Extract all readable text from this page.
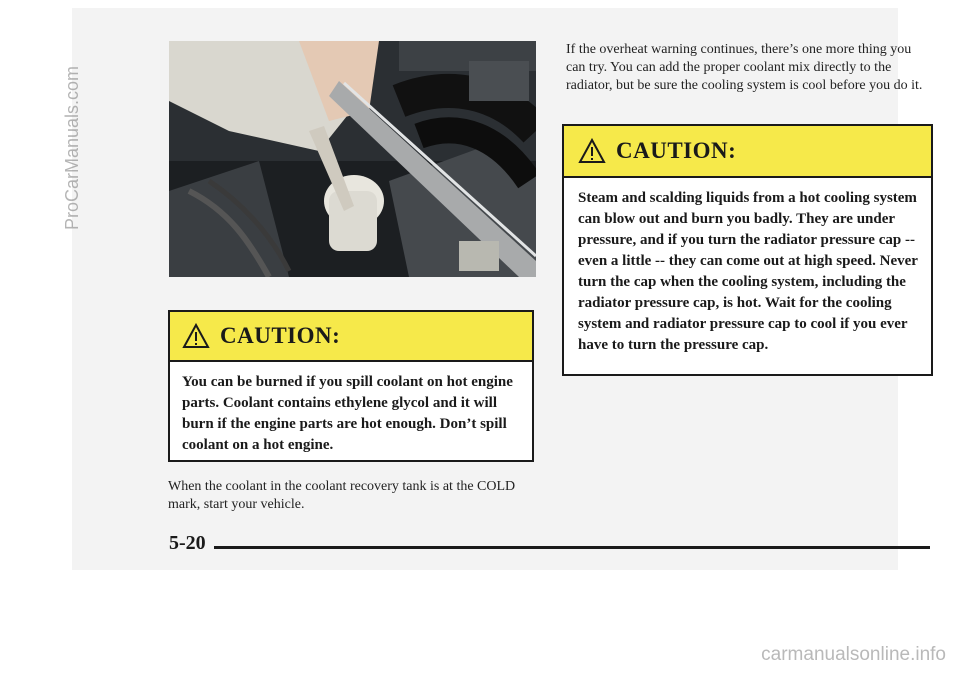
CAUTION:

You can be burned if you spill coolant on hot engine parts. Coolant contains ethylene glycol and it will burn if the engine parts are hot enough. Don’t spill coolant on a hot engine.

If the overheat warning continues, there’s one more thing you can try. You can add the proper coolant mix directly to the radiator, but be sure the cooling system is cool before you do it.

CAUTION:

Steam and scalding liquids from a hot cooling system can blow out and burn you badly. They are under pressure, and if you turn the radiator pressure cap -- even a little -- they can come out at high speed. Never turn the cap when the cooling system, including the radiator pressure cap, is hot. Wait for the cooling system and radiator pressure cap to cool if you ever have to turn the pressure cap.

When the coolant in the coolant recovery tank is at the COLD mark, start your vehicle.

5-20
ProCarManuals.com
carmanualsonline.info
